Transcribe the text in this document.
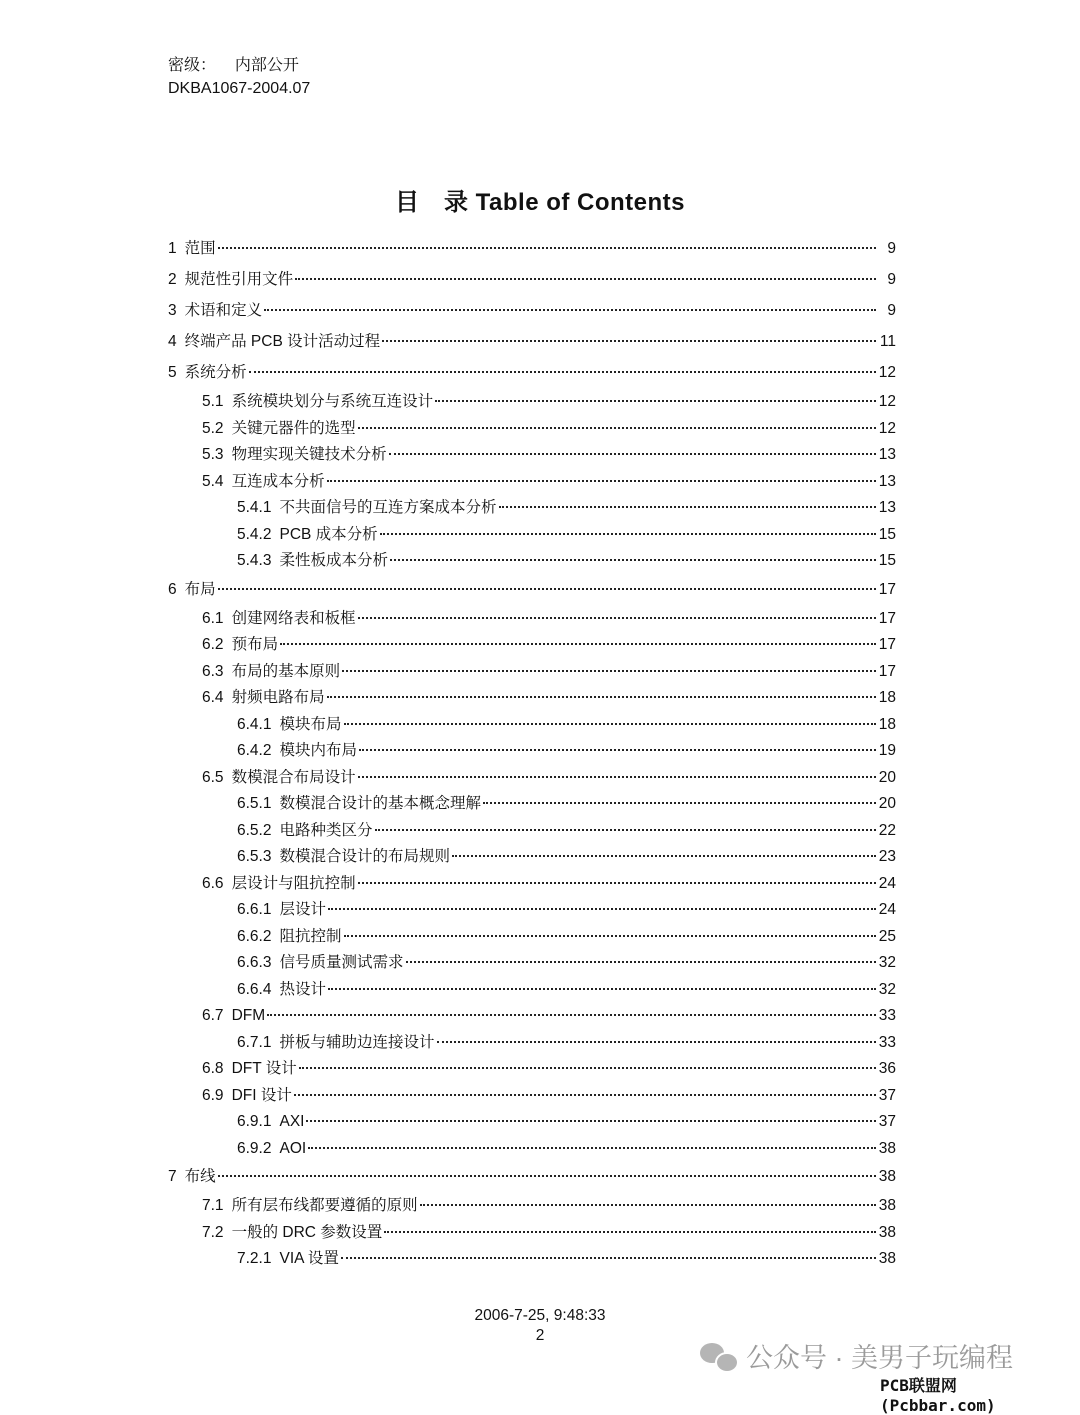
密级： 内部公开
DKBA1067-2004.07
目　录 Table of Contents
1 范围	9
2 规范性引用文件	9
3 术语和定义	9
4 终端产品 PCB 设计活动过程	11
5 系统分析	12
5.1 系统模块划分与系统互连设计	12
5.2 关键元器件的选型	12
5.3 物理实现关键技术分析	13
5.4 互连成本分析	13
5.4.1 不共面信号的互连方案成本分析	13
5.4.2 PCB 成本分析	15
5.4.3 柔性板成本分析	15
6 布局	17
6.1 创建网络表和板框	17
6.2 预布局	17
6.3 布局的基本原则	17
6.4 射频电路布局	18
6.4.1 模块布局	18
6.4.2 模块内布局	19
6.5 数模混合布局设计	20
6.5.1 数模混合设计的基本概念理解	20
6.5.2 电路种类区分	22
6.5.3 数模混合设计的布局规则	23
6.6 层设计与阻抗控制	24
6.6.1 层设计	24
6.6.2 阻抗控制	25
6.6.3 信号质量测试需求	32
6.6.4 热设计	32
6.7 DFM	33
6.7.1 拼板与辅助边连接设计	33
6.8 DFT 设计	36
6.9 DFI 设计	37
6.9.1 AXI	37
6.9.2 AOI	38
7 布线	38
7.1 所有层布线都要遵循的原则	38
7.2 一般的 DRC 参数设置	38
7.2.1 VIA 设置	38
2006-7-25, 9:48:33
2
公众号 · 美男子玩编程
PCB联盟网 (Pcbbar.com)
